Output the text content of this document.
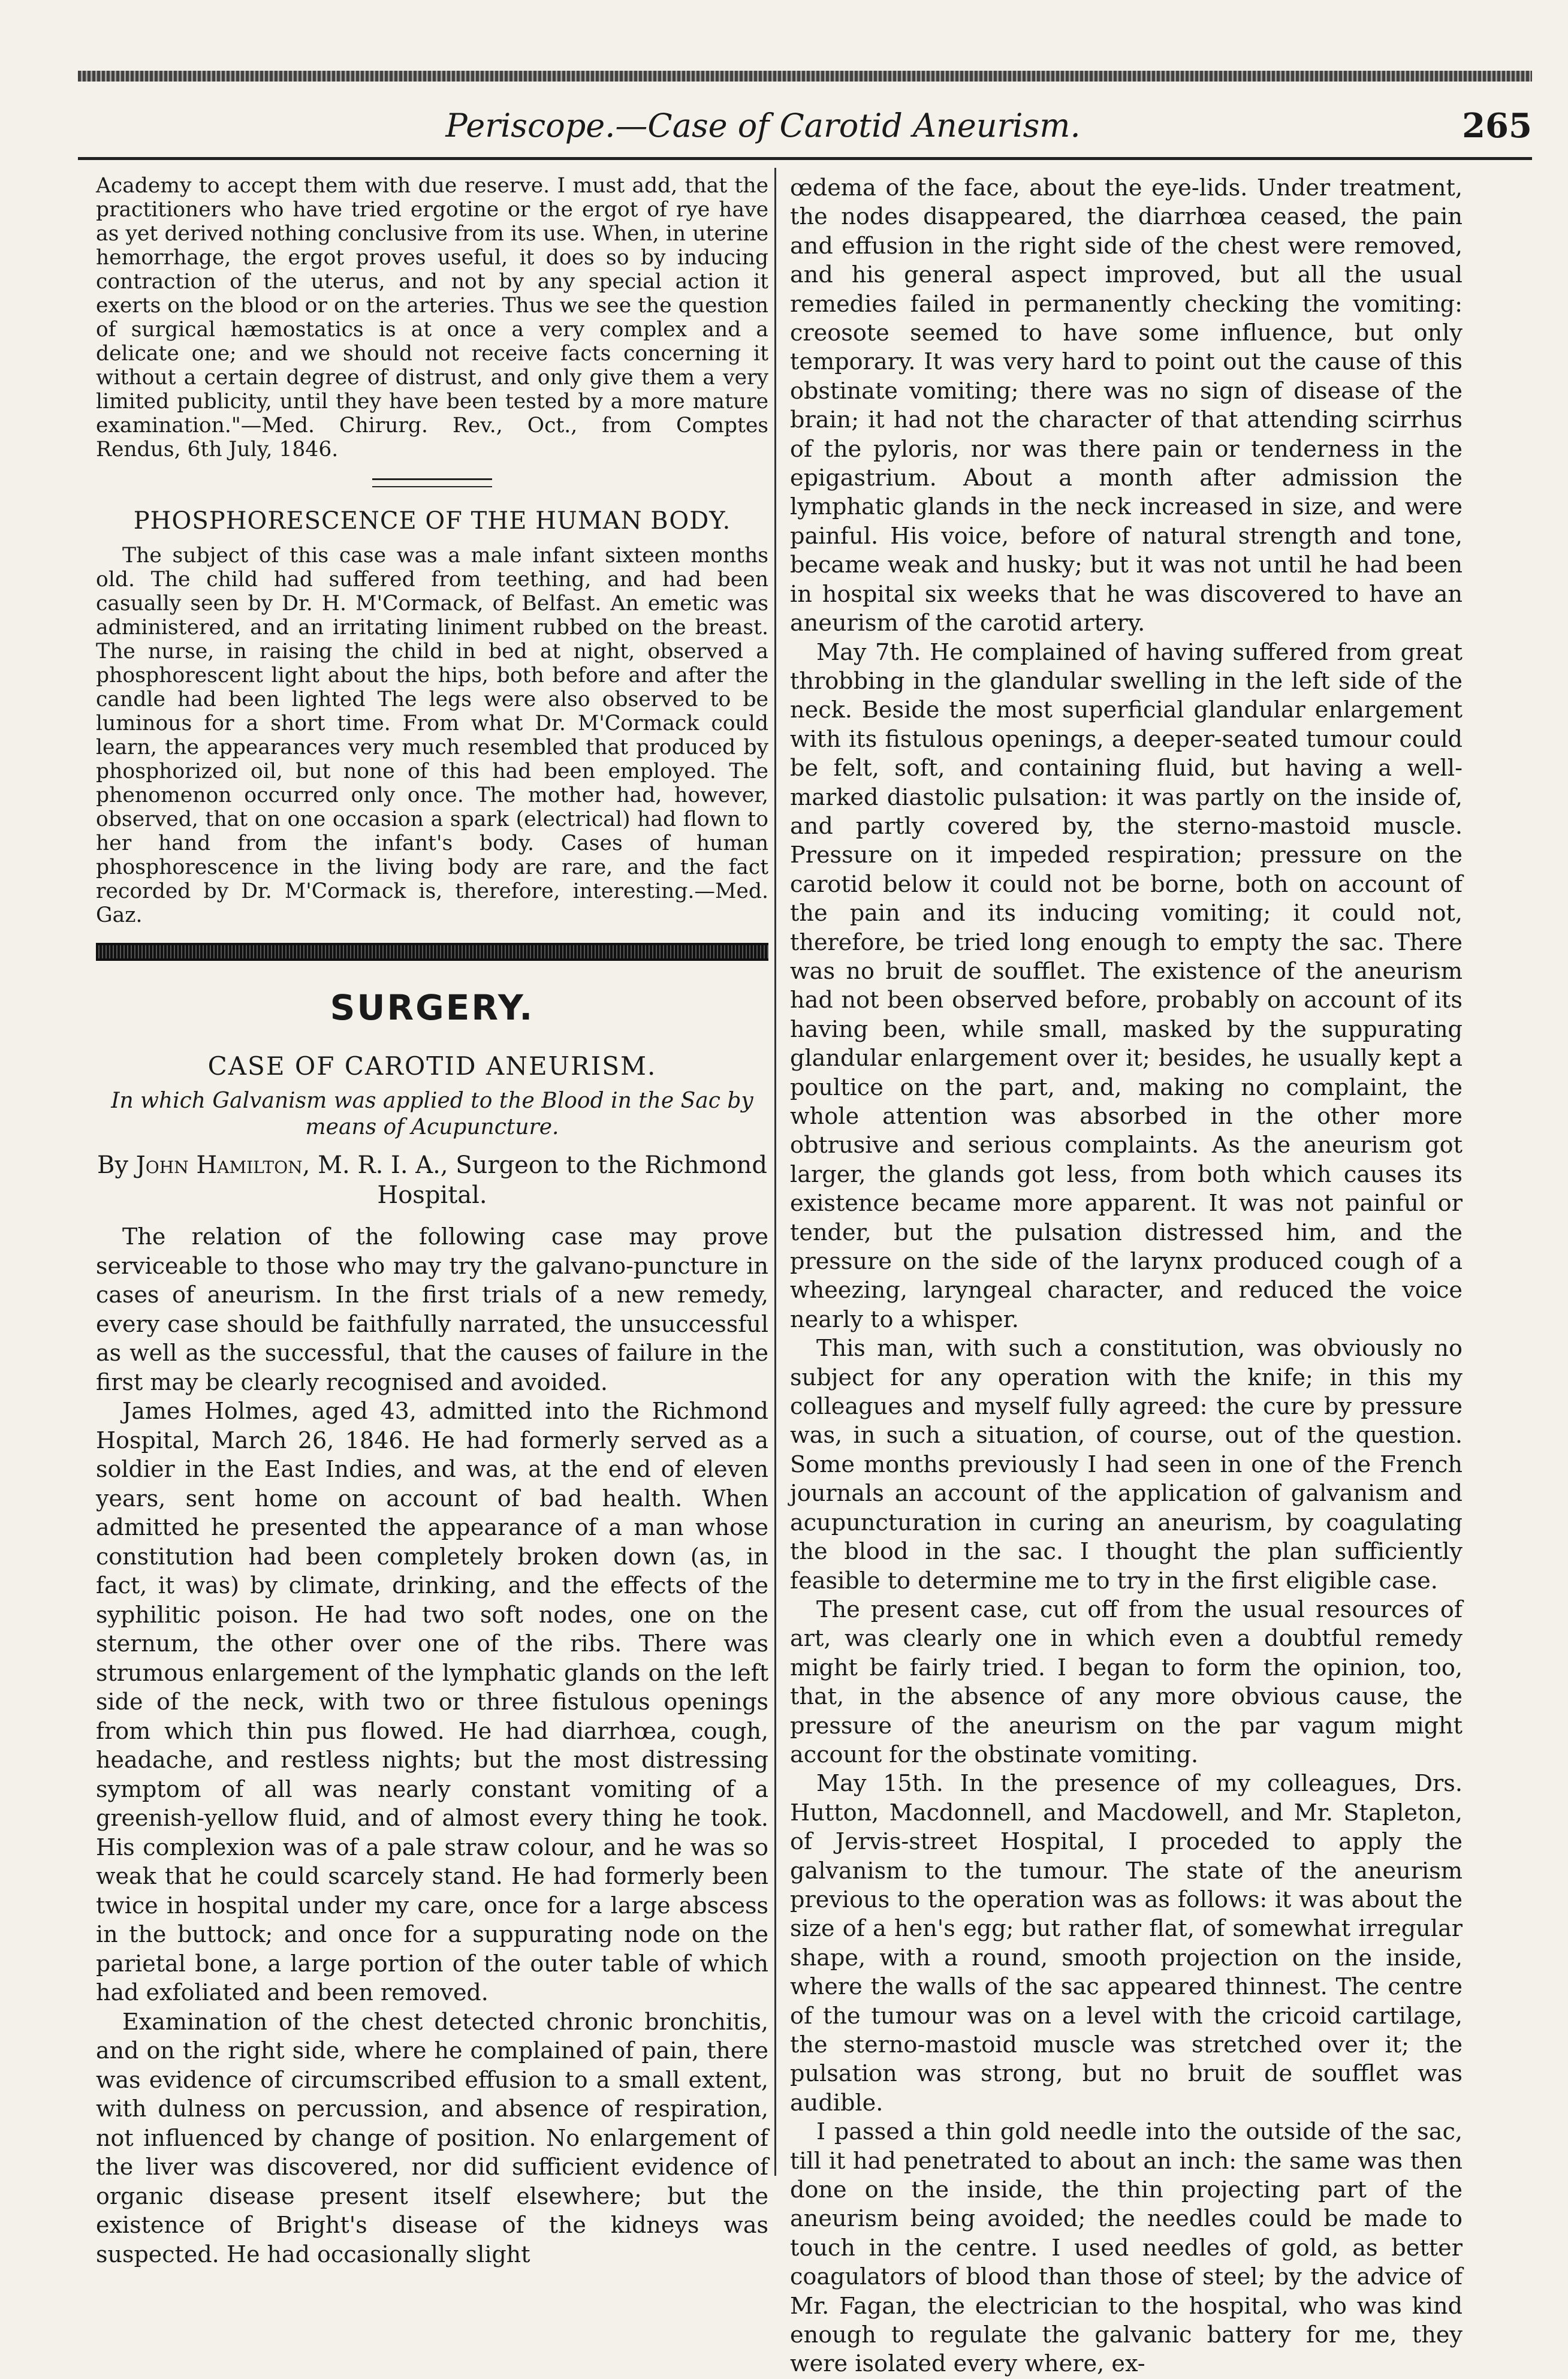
Periscope.—Case of Carotid Aneurism.	265

Academy to accept them with due reserve. I must add, that the practitioners who have tried ergotine or the ergot of rye have as yet derived nothing conclusive from its use. When, in uterine hemorrhage, the ergot proves useful, it does so by inducing contraction of the uterus, and not by any special action it exerts on the blood or on the arteries. Thus we see the question of surgical hæmostatics is at once a very complex and a delicate one; and we should not receive facts concerning it without a certain degree of distrust, and only give them a very limited publicity, until they have been tested by a more mature examination."—Med. Chirurg. Rev., Oct., from Comptes Rendus, 6th July, 1846.

PHOSPHORESCENCE OF THE HUMAN BODY.

The subject of this case was a male infant sixteen months old. The child had suffered from teething, and had been casually seen by Dr. H. M'Cormack, of Belfast. An emetic was administered, and an irritating liniment rubbed on the breast. The nurse, in raising the child in bed at night, observed a phosphorescent light about the hips, both before and after the candle had been lighted The legs were also observed to be luminous for a short time. From what Dr. M'Cormack could learn, the appearances very much resembled that produced by phosphorized oil, but none of this had been employed. The phenomenon occurred only once. The mother had, however, observed, that on one occasion a spark (electrical) had flown to her hand from the infant's body. Cases of human phosphorescence in the living body are rare, and the fact recorded by Dr. M'Cormack is, therefore, interesting.—Med. Gaz.

SURGERY.
CASE OF CAROTID ANEURISM.
In which Galvanism was applied to the Blood in the Sac by means of Acupuncture.
By John Hamilton, M. R. I. A., Surgeon to the Richmond Hospital.

The relation of the following case may prove serviceable to those who may try the galvano-puncture in cases of aneurism. In the first trials of a new remedy, every case should be faithfully narrated, the unsuccessful as well as the successful, that the causes of failure in the first may be clearly recognised and avoided.

James Holmes, aged 43, admitted into the Richmond Hospital, March 26, 1846. He had formerly served as a soldier in the East Indies, and was, at the end of eleven years, sent home on account of bad health. When admitted he presented the appearance of a man whose constitution had been completely broken down (as, in fact, it was) by climate, drinking, and the effects of the syphilitic poison. He had two soft nodes, one on the sternum, the other over one of the ribs. There was strumous enlargement of the lymphatic glands on the left side of the neck, with two or three fistulous openings from which thin pus flowed. He had diarrhœa, cough, headache, and restless nights; but the most distressing symptom of all was nearly constant vomiting of a greenish-yellow fluid, and of almost every thing he took. His complexion was of a pale straw colour, and he was so weak that he could scarcely stand. He had formerly been twice in hospital under my care, once for a large abscess in the buttock; and once for a suppurating node on the parietal bone, a large portion of the outer table of which had exfoliated and been removed.

Examination of the chest detected chronic bronchitis, and on the right side, where he complained of pain, there was evidence of circumscribed effusion to a small extent, with dulness on percussion, and absence of respiration, not influenced by change of position. No enlargement of the liver was discovered, nor did sufficient evidence of organic disease present itself elsewhere; but the existence of Bright's disease of the kidneys was suspected. He had occasionally slight

œdema of the face, about the eye-lids. Under treatment, the nodes disappeared, the diarrhœa ceased, the pain and effusion in the right side of the chest were removed, and his general aspect improved, but all the usual remedies failed in permanently checking the vomiting: creosote seemed to have some influence, but only temporary. It was very hard to point out the cause of this obstinate vomiting; there was no sign of disease of the brain; it had not the character of that attending scirrhus of the pyloris, nor was there pain or tenderness in the epigastrium. About a month after admission the lymphatic glands in the neck increased in size, and were painful. His voice, before of natural strength and tone, became weak and husky; but it was not until he had been in hospital six weeks that he was discovered to have an aneurism of the carotid artery.

May 7th. He complained of having suffered from great throbbing in the glandular swelling in the left side of the neck. Beside the most superficial glandular enlargement with its fistulous openings, a deeper-seated tumour could be felt, soft, and containing fluid, but having a well-marked diastolic pulsation: it was partly on the inside of, and partly covered by, the sterno-mastoid muscle. Pressure on it impeded respiration; pressure on the carotid below it could not be borne, both on account of the pain and its inducing vomiting; it could not, therefore, be tried long enough to empty the sac. There was no bruit de soufflet. The existence of the aneurism had not been observed before, probably on account of its having been, while small, masked by the suppurating glandular enlargement over it; besides, he usually kept a poultice on the part, and, making no complaint, the whole attention was absorbed in the other more obtrusive and serious complaints. As the aneurism got larger, the glands got less, from both which causes its existence became more apparent. It was not painful or tender, but the pulsation distressed him, and the pressure on the side of the larynx produced cough of a wheezing, laryngeal character, and reduced the voice nearly to a whisper.

This man, with such a constitution, was obviously no subject for any operation with the knife; in this my colleagues and myself fully agreed: the cure by pressure was, in such a situation, of course, out of the question. Some months previously I had seen in one of the French journals an account of the application of galvanism and acupuncturation in curing an aneurism, by coagulating the blood in the sac. I thought the plan sufficiently feasible to determine me to try in the first eligible case.

The present case, cut off from the usual resources of art, was clearly one in which even a doubtful remedy might be fairly tried. I began to form the opinion, too, that, in the absence of any more obvious cause, the pressure of the aneurism on the par vagum might account for the obstinate vomiting.

May 15th. In the presence of my colleagues, Drs. Hutton, Macdonnell, and Macdowell, and Mr. Stapleton, of Jervis-street Hospital, I proceded to apply the galvanism to the tumour. The state of the aneurism previous to the operation was as follows: it was about the size of a hen's egg; but rather flat, of somewhat irregular shape, with a round, smooth projection on the inside, where the walls of the sac appeared thinnest. The centre of the tumour was on a level with the cricoid cartilage, the sterno-mastoid muscle was stretched over it; the pulsation was strong, but no bruit de soufflet was audible.

I passed a thin gold needle into the outside of the sac, till it had penetrated to about an inch: the same was then done on the inside, the thin projecting part of the aneurism being avoided; the needles could be made to touch in the centre. I used needles of gold, as better coagulators of blood than those of steel; by the advice of Mr. Fagan, the electrician to the hospital, who was kind enough to regulate the galvanic battery for me, they were isolated every where, ex-
